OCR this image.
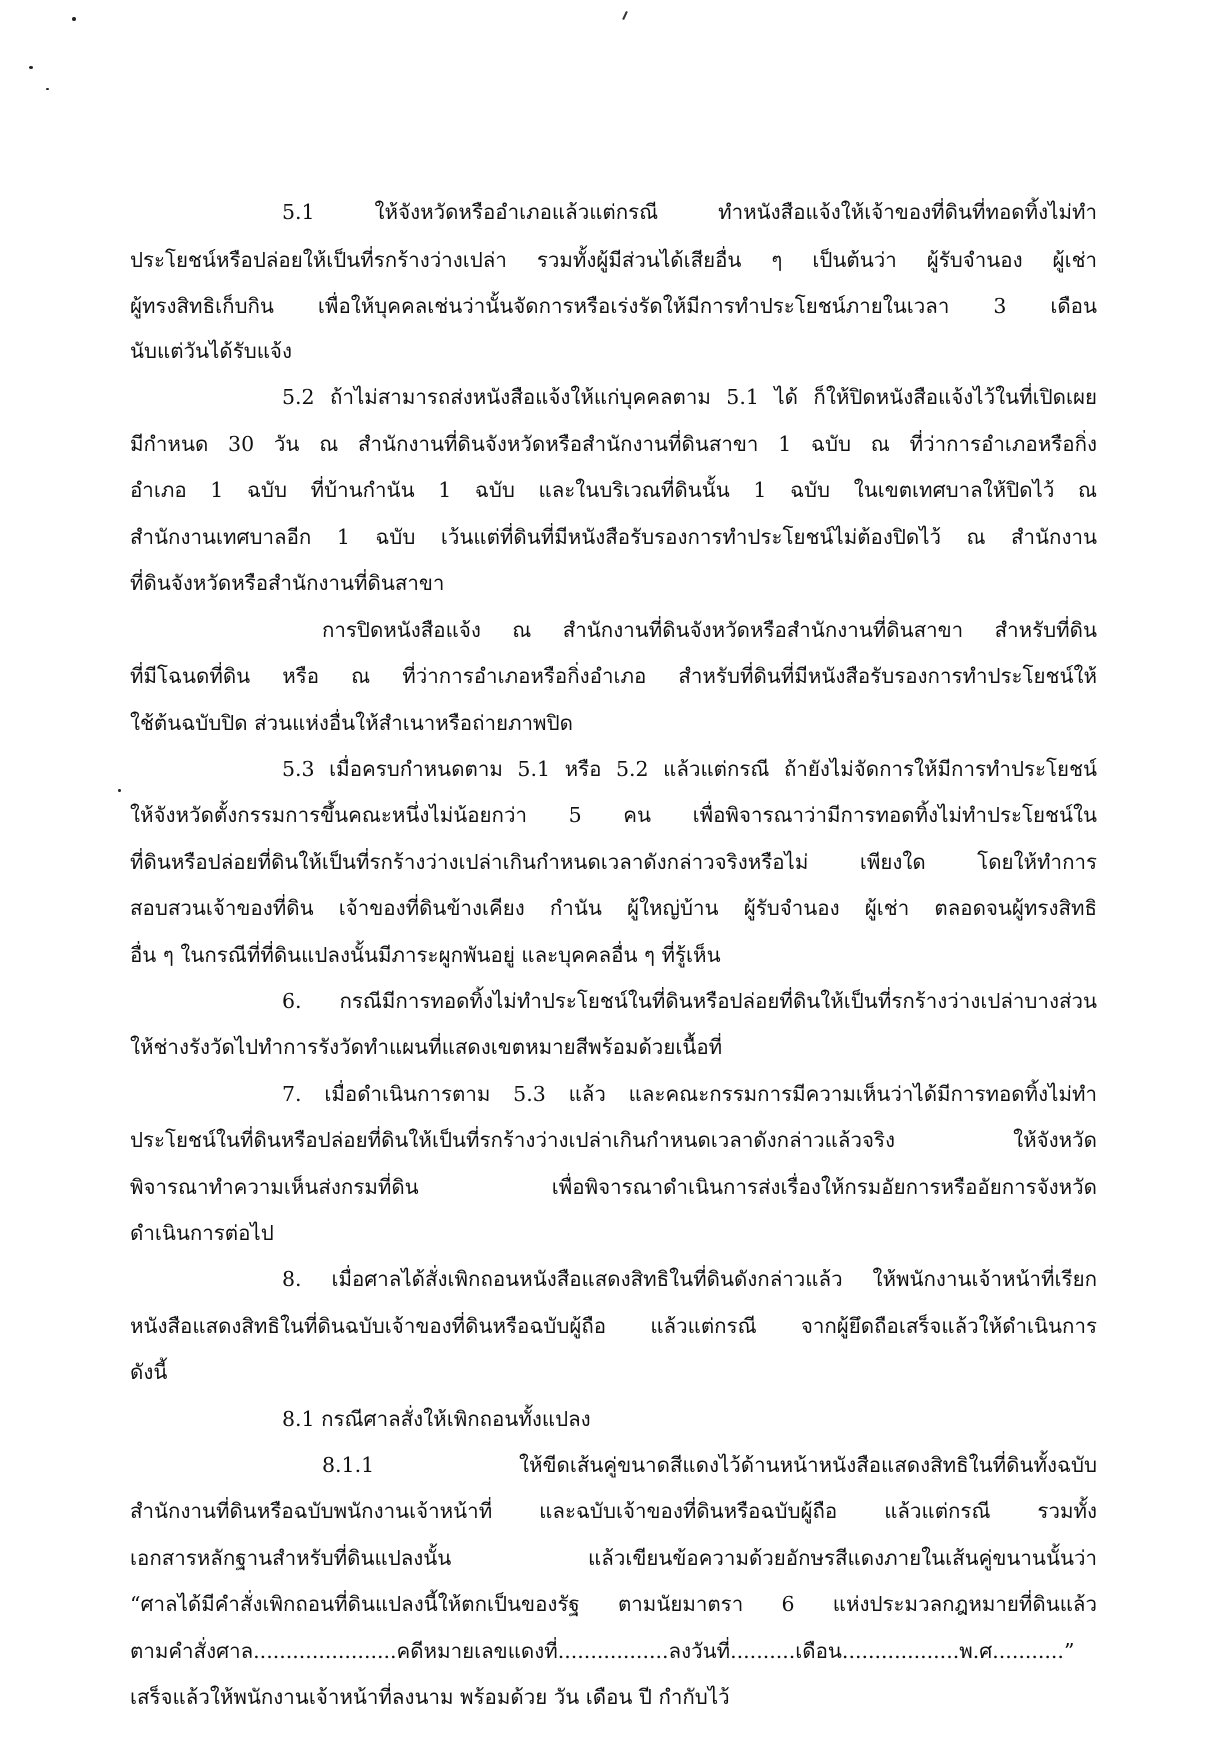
5.1 ให้จังหวัดหรืออำเภอแล้วแต่กรณี ทำหนังสือแจ้งให้เจ้าของที่ดินที่ทอดทิ้งไม่ทำ
ประโยชน์หรือปล่อยให้เป็นที่รกร้างว่างเปล่า รวมทั้งผู้มีส่วนได้เสียอื่น ๆ เป็นต้นว่า ผู้รับจำนอง ผู้เช่า
ผู้ทรงสิทธิเก็บกิน เพื่อให้บุคคลเช่นว่านั้นจัดการหรือเร่งรัดให้มีการทำประโยชน์ภายในเวลา 3 เดือน
นับแต่วันได้รับแจ้ง
5.2 ถ้าไม่สามารถส่งหนังสือแจ้งให้แก่บุคคลตาม 5.1 ได้ ก็ให้ปิดหนังสือแจ้งไว้ในที่เปิดเผย
มีกำหนด 30 วัน ณ สำนักงานที่ดินจังหวัดหรือสำนักงานที่ดินสาขา 1 ฉบับ ณ ที่ว่าการอำเภอหรือกิ่ง
อำเภอ 1 ฉบับ ที่บ้านกำนัน 1 ฉบับ และในบริเวณที่ดินนั้น 1 ฉบับ ในเขตเทศบาลให้ปิดไว้ ณ
สำนักงานเทศบาลอีก 1 ฉบับ เว้นแต่ที่ดินที่มีหนังสือรับรองการทำประโยชน์ไม่ต้องปิดไว้ ณ สำนักงาน
ที่ดินจังหวัดหรือสำนักงานที่ดินสาขา
การปิดหนังสือแจ้ง ณ สำนักงานที่ดินจังหวัดหรือสำนักงานที่ดินสาขา สำหรับที่ดิน
ที่มีโฉนดที่ดิน หรือ ณ ที่ว่าการอำเภอหรือกิ่งอำเภอ สำหรับที่ดินที่มีหนังสือรับรองการทำประโยชน์ให้
ใช้ต้นฉบับปิด ส่วนแห่งอื่นให้สำเนาหรือถ่ายภาพปิด
5.3 เมื่อครบกำหนดตาม 5.1 หรือ 5.2 แล้วแต่กรณี ถ้ายังไม่จัดการให้มีการทำประโยชน์
ให้จังหวัดตั้งกรรมการขึ้นคณะหนึ่งไม่น้อยกว่า 5 คน เพื่อพิจารณาว่ามีการทอดทิ้งไม่ทำประโยชน์ใน
ที่ดินหรือปล่อยที่ดินให้เป็นที่รกร้างว่างเปล่าเกินกำหนดเวลาดังกล่าวจริงหรือไม่ เพียงใด โดยให้ทำการ
สอบสวนเจ้าของที่ดิน เจ้าของที่ดินข้างเคียง กำนัน ผู้ใหญ่บ้าน ผู้รับจำนอง ผู้เช่า ตลอดจนผู้ทรงสิทธิ
อื่น ๆ ในกรณีที่ที่ดินแปลงนั้นมีภาระผูกพันอยู่ และบุคคลอื่น ๆ ที่รู้เห็น
6. กรณีมีการทอดทิ้งไม่ทำประโยชน์ในที่ดินหรือปล่อยที่ดินให้เป็นที่รกร้างว่างเปล่าบางส่วน
ให้ช่างรังวัดไปทำการรังวัดทำแผนที่แสดงเขตหมายสีพร้อมด้วยเนื้อที่
7. เมื่อดำเนินการตาม 5.3 แล้ว และคณะกรรมการมีความเห็นว่าได้มีการทอดทิ้งไม่ทำ
ประโยชน์ในที่ดินหรือปล่อยที่ดินให้เป็นที่รกร้างว่างเปล่าเกินกำหนดเวลาดังกล่าวแล้วจริง ให้จังหวัด
พิจารณาทำความเห็นส่งกรมที่ดิน เพื่อพิจารณาดำเนินการส่งเรื่องให้กรมอัยการหรืออัยการจังหวัด
ดำเนินการต่อไป
8. เมื่อศาลได้สั่งเพิกถอนหนังสือแสดงสิทธิในที่ดินดังกล่าวแล้ว ให้พนักงานเจ้าหน้าที่เรียก
หนังสือแสดงสิทธิในที่ดินฉบับเจ้าของที่ดินหรือฉบับผู้ถือ แล้วแต่กรณี จากผู้ยึดถือเสร็จแล้วให้ดำเนินการ
ดังนี้
8.1 กรณีศาลสั่งให้เพิกถอนทั้งแปลง
8.1.1 ให้ขีดเส้นคู่ขนาดสีแดงไว้ด้านหน้าหนังสือแสดงสิทธิในที่ดินทั้งฉบับ
สำนักงานที่ดินหรือฉบับพนักงานเจ้าหน้าที่ และฉบับเจ้าของที่ดินหรือฉบับผู้ถือ แล้วแต่กรณี รวมทั้ง
เอกสารหลักฐานสำหรับที่ดินแปลงนั้น แล้วเขียนข้อความด้วยอักษรสีแดงภายในเส้นคู่ขนานนั้นว่า
“ศาลได้มีคำสั่งเพิกถอนที่ดินแปลงนี้ให้ตกเป็นของรัฐ ตามนัยมาตรา 6 แห่งประมวลกฎหมายที่ดินแล้ว
ตามคำสั่งศาล......................คดีหมายเลขแดงที่.................ลงวันที่..........เดือน..................พ.ศ...........”
เสร็จแล้วให้พนักงานเจ้าหน้าที่ลงนาม พร้อมด้วย วัน เดือน ปี กำกับไว้
